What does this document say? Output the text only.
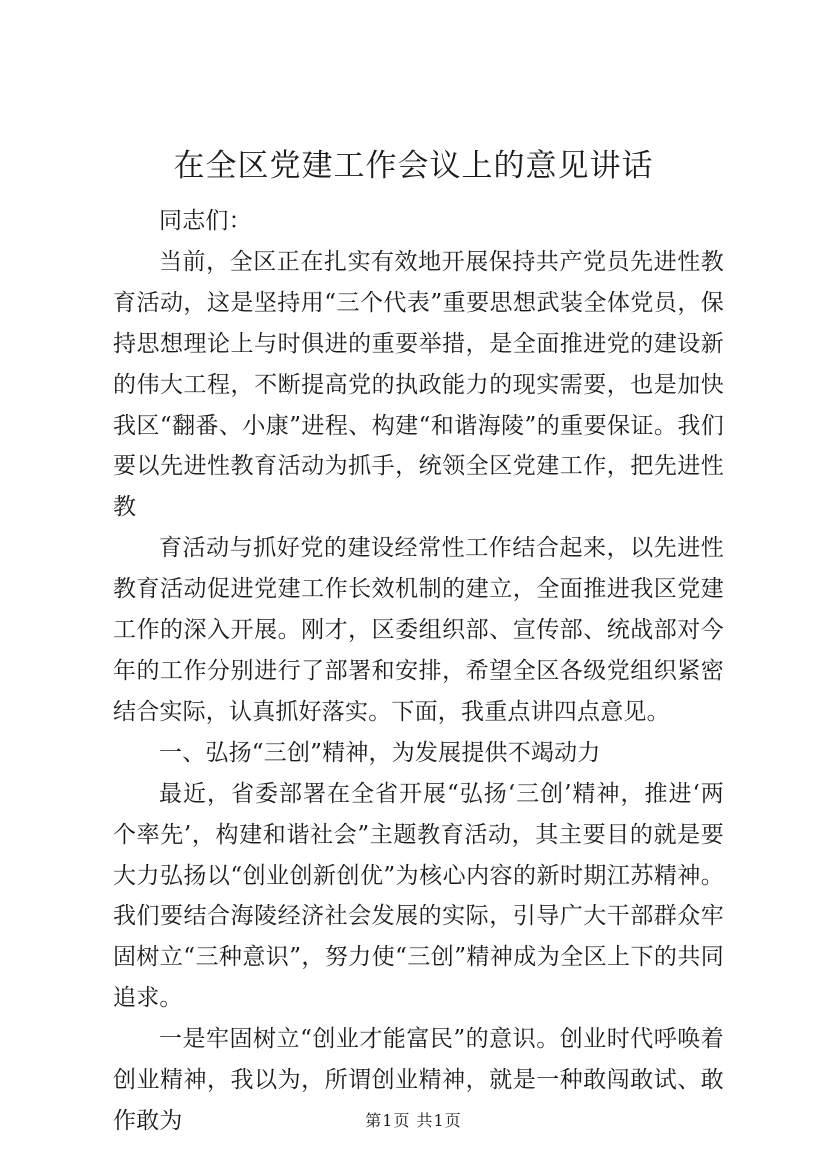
在全区党建工作会议上的意见讲话

同志们：

当前，全区正在扎实有效地开展保持共产党员先进性教育活动，这是坚持用“三个代表”重要思想武装全体党员，保持思想理论上与时俱进的重要举措，是全面推进党的建设新的伟大工程，不断提高党的执政能力的现实需要，也是加快我区“翻番、小康”进程、构建“和谐海陵”的重要保证。我们要以先进性教育活动为抓手，统领全区党建工作，把先进性教

育活动与抓好党的建设经常性工作结合起来，以先进性教育活动促进党建工作长效机制的建立，全面推进我区党建工作的深入开展。刚才，区委组织部、宣传部、统战部对今年的工作分别进行了部署和安排，希望全区各级党组织紧密结合实际，认真抓好落实。下面，我重点讲四点意见。

一、弘扬“三创”精神，为发展提供不竭动力

最近，省委部署在全省开展“弘扬‘三创’精神，推进‘两个率先’，构建和谐社会”主题教育活动，其主要目的就是要大力弘扬以“创业创新创优”为核心内容的新时期江苏精神。我们要结合海陵经济社会发展的实际，引导广大干部群众牢固树立“三种意识”，努力使“三创”精神成为全区上下的共同追求。

一是牢固树立“创业才能富民”的意识。创业时代呼唤着创业精神，我以为，所谓创业精神，就是一种敢闯敢试、敢作敢为	第1页 共1页
